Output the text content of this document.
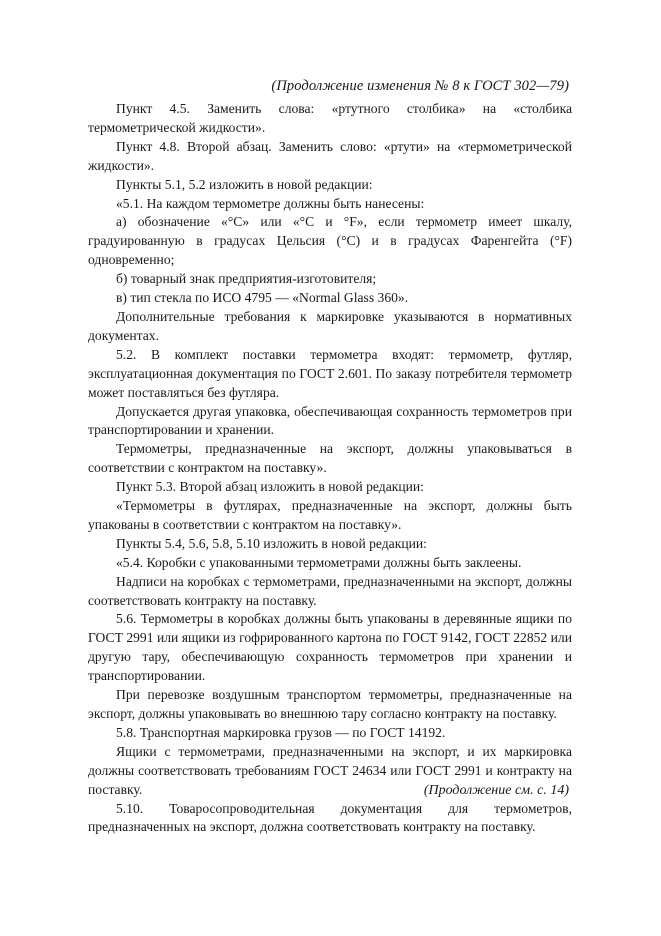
(Продолжение изменения № 8 к ГОСТ 302—79)

Пункт 4.5. Заменить слова: «ртутного столбика» на «столбика термометрической жидкости».

Пункт 4.8. Второй абзац. Заменить слово: «ртути» на «термометрической жидкости».

Пункты 5.1, 5.2 изложить в новой редакции:

«5.1. На каждом термометре должны быть нанесены:

а) обозначение «°С» или «°С и °F», если термометр имеет шкалу, градуированную в градусах Цельсия (°С) и в градусах Фаренгейта (°F) одновременно;

б) товарный знак предприятия-изготовителя;

в) тип стекла по ИСО 4795 — «Normal Glass 360».

Дополнительные требования к маркировке указываются в нормативных документах.

5.2. В комплект поставки термометра входят: термометр, футляр, эксплуатационная документация по ГОСТ 2.601. По заказу потребителя термометр может поставляться без футляра.

Допускается другая упаковка, обеспечивающая сохранность термометров при транспортировании и хранении.

Термометры, предназначенные на экспорт, должны упаковываться в соответствии с контрактом на поставку».

Пункт 5.3. Второй абзац изложить в новой редакции:

«Термометры в футлярах, предназначенные на экспорт, должны быть упакованы в соответствии с контрактом на поставку».

Пункты 5.4, 5.6, 5.8, 5.10 изложить в новой редакции:

«5.4. Коробки с упакованными термометрами должны быть заклеены.

Надписи на коробках с термометрами, предназначенными на экспорт, должны соответствовать контракту на поставку.

5.6. Термометры в коробках должны быть упакованы в деревянные ящики по ГОСТ 2991 или ящики из гофрированного картона по ГОСТ 9142, ГОСТ 22852 или другую тару, обеспечивающую сохранность термометров при хранении и транспортировании.

При перевозке воздушным транспортом термометры, предназначенные на экспорт, должны упаковывать во внешнюю тару согласно контракту на поставку.

5.8. Транспортная маркировка грузов — по ГОСТ 14192.

Ящики с термометрами, предназначенными на экспорт, и их маркировка должны соответствовать требованиям ГОСТ 24634 или ГОСТ 2991 и контракту на поставку.

5.10. Товаросопроводительная документация для термометров, предназначенных на экспорт, должна соответствовать контракту на поставку.

(Продолжение см. с. 14)
